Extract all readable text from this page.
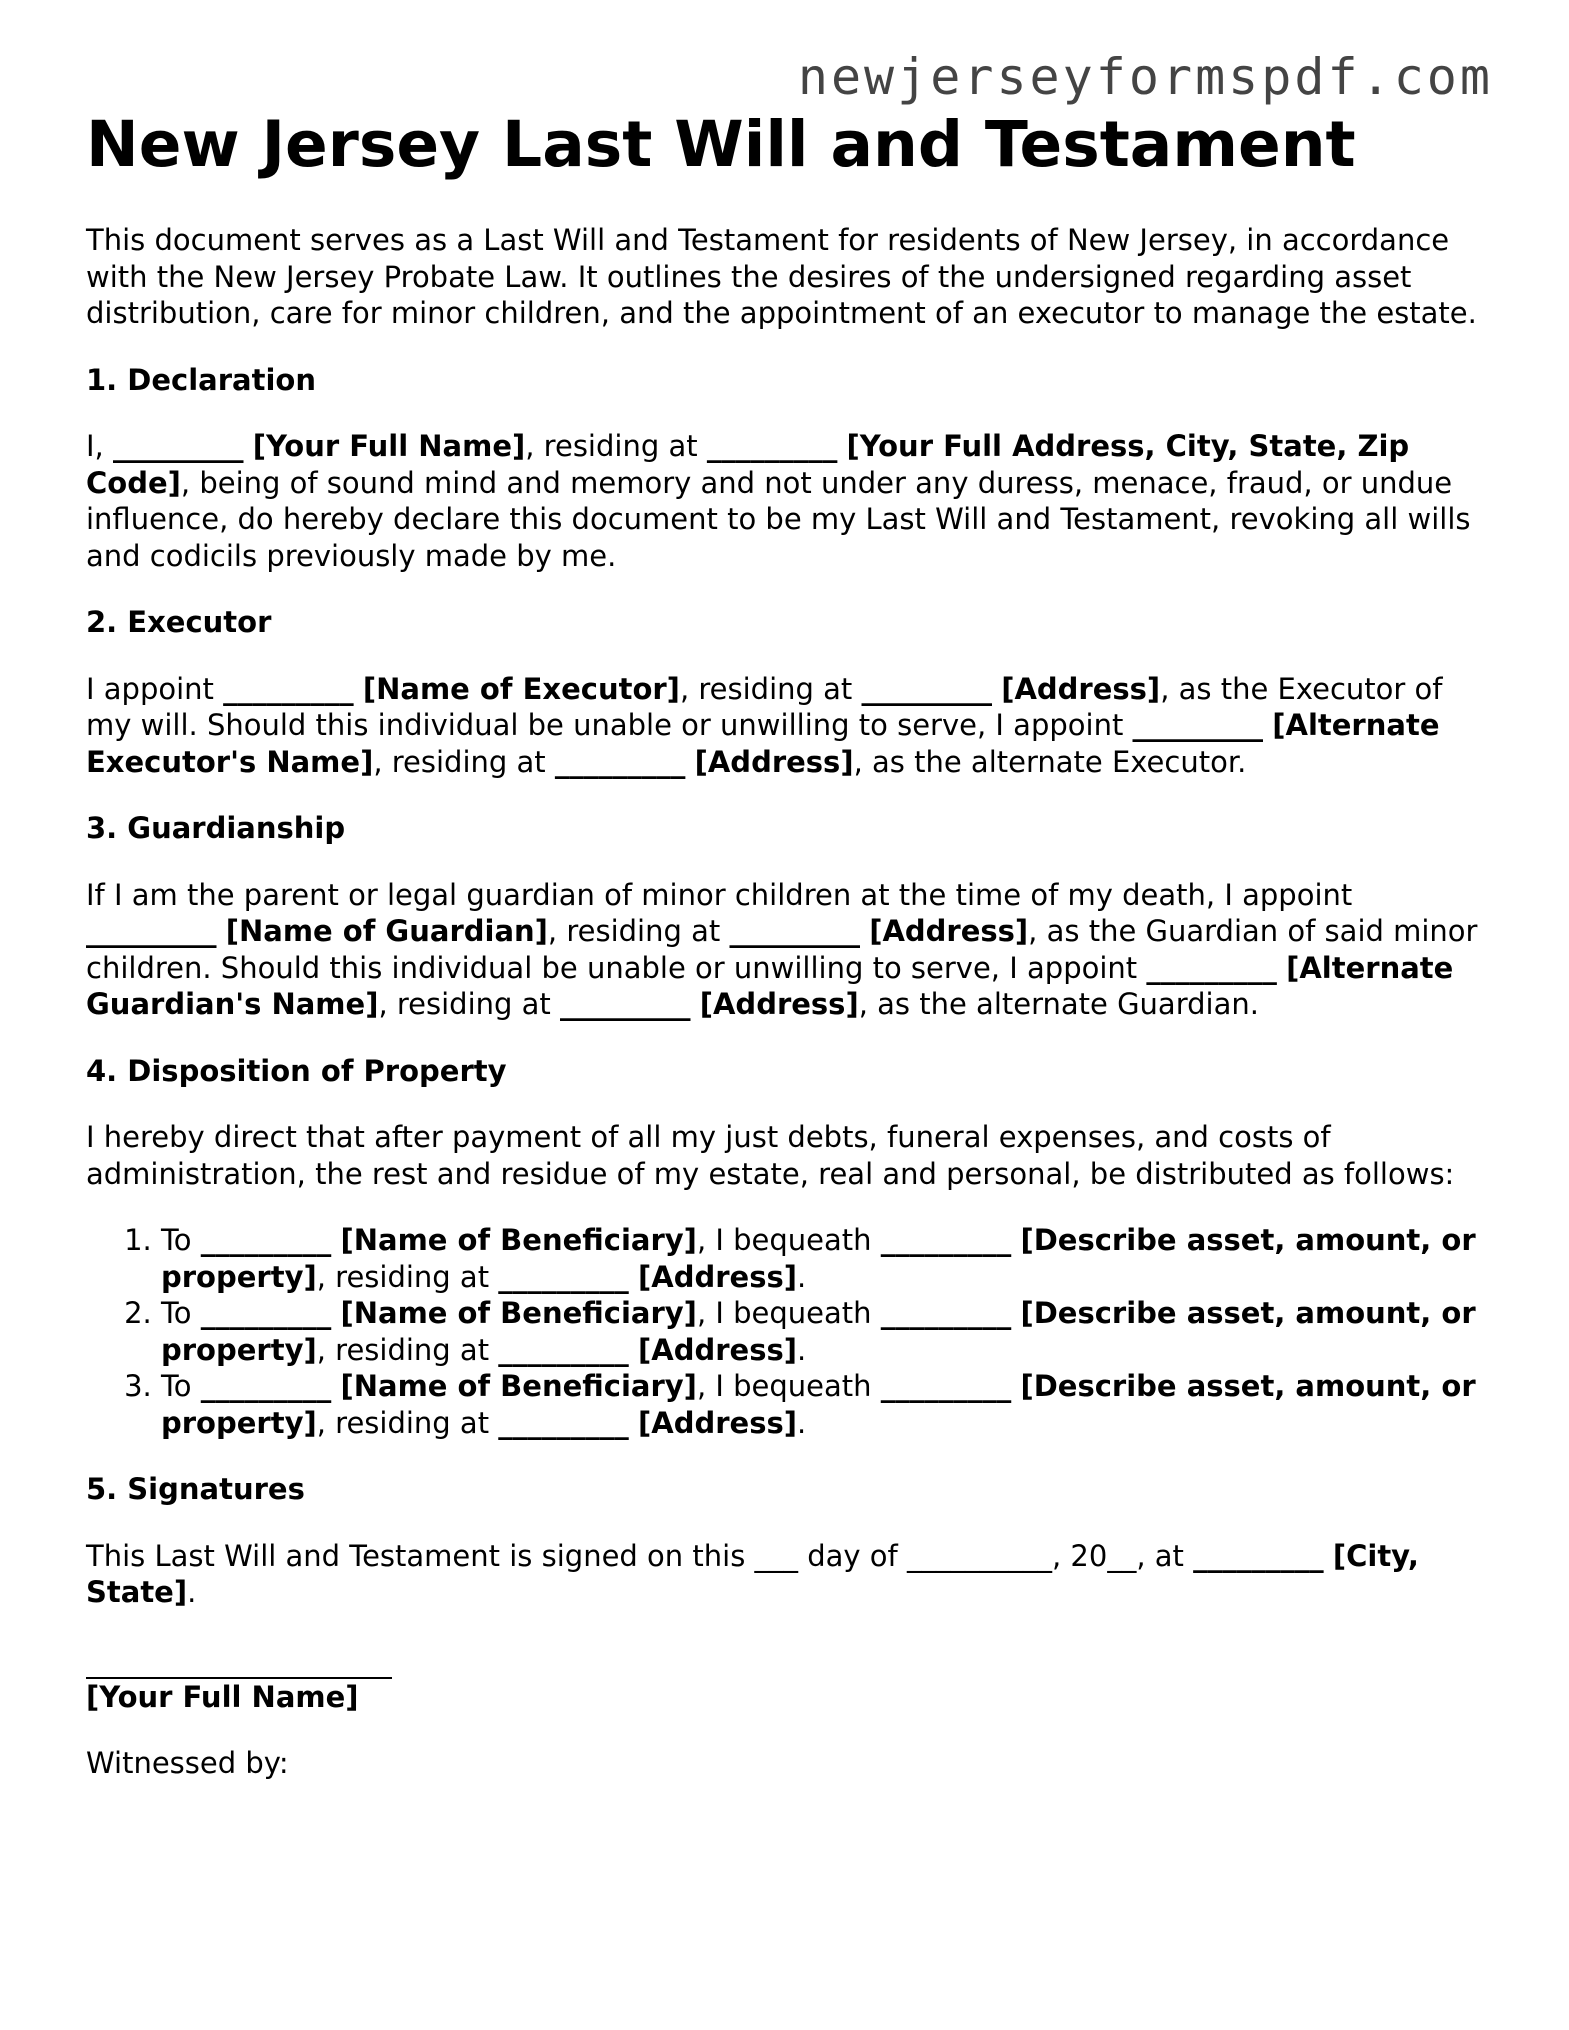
newjerseyformspdf.com
New Jersey Last Will and Testament

This document serves as a Last Will and Testament for residents of New Jersey, in accordance with the New Jersey Probate Law. It outlines the desires of the undersigned regarding asset distribution, care for minor children, and the appointment of an executor to manage the estate.

1. Declaration

I, _________ [Your Full Name], residing at _________ [Your Full Address, City, State, Zip Code], being of sound mind and memory and not under any duress, menace, fraud, or undue influence, do hereby declare this document to be my Last Will and Testament, revoking all wills and codicils previously made by me.

2. Executor

I appoint _________ [Name of Executor], residing at _________ [Address], as the Executor of my will. Should this individual be unable or unwilling to serve, I appoint _________ [Alternate Executor's Name], residing at _________ [Address], as the alternate Executor.

3. Guardianship

If I am the parent or legal guardian of minor children at the time of my death, I appoint _________ [Name of Guardian], residing at _________ [Address], as the Guardian of said minor children. Should this individual be unable or unwilling to serve, I appoint _________ [Alternate Guardian's Name], residing at _________ [Address], as the alternate Guardian.

4. Disposition of Property

I hereby direct that after payment of all my just debts, funeral expenses, and costs of administration, the rest and residue of my estate, real and personal, be distributed as follows:

1. To _________ [Name of Beneficiary], I bequeath _________ [Describe asset, amount, or property], residing at _________ [Address].
2. To _________ [Name of Beneficiary], I bequeath _________ [Describe asset, amount, or property], residing at _________ [Address].
3. To _________ [Name of Beneficiary], I bequeath _________ [Describe asset, amount, or property], residing at _________ [Address].
5. Signatures

This Last Will and Testament is signed on this ___ day of __________, 20__, at _________ [City, State].

[Your Full Name]

Witnessed by:
